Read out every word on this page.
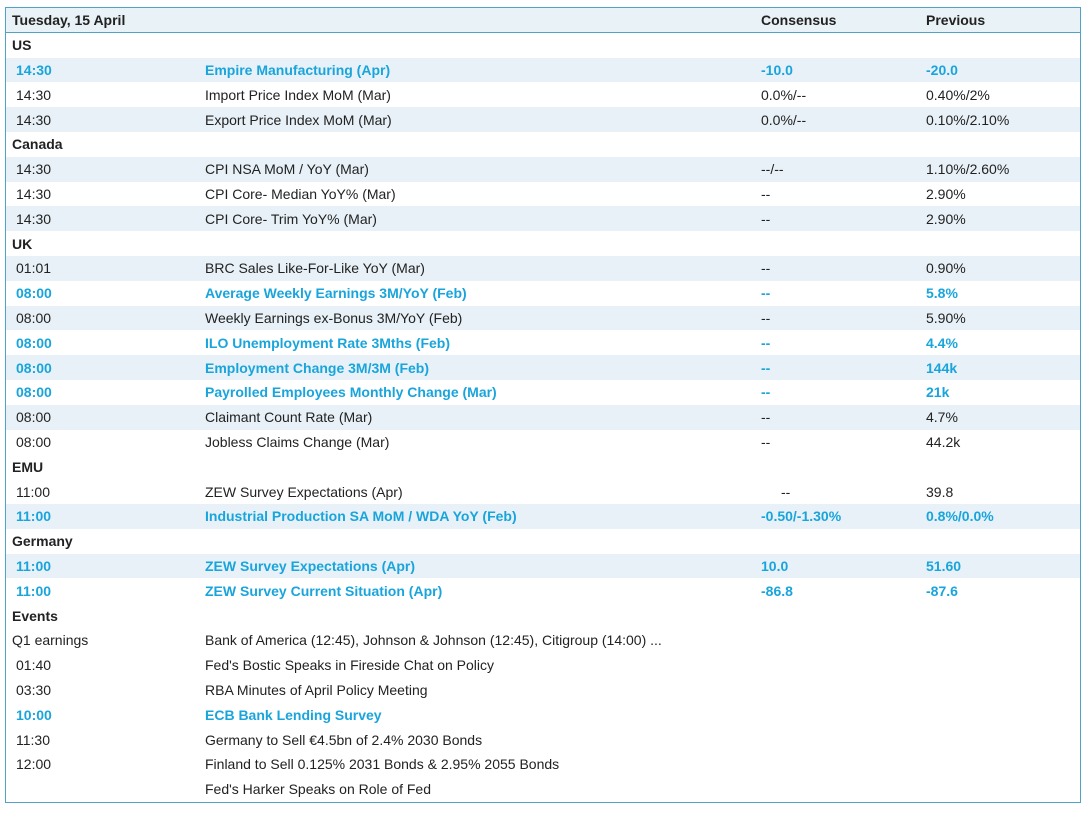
Tuesday, 15 April		Consensus	Previous
US			
14:30	Empire Manufacturing (Apr)	-10.0	-20.0
14:30	Import Price Index MoM (Mar)	0.0%/--	0.40%/2%
14:30	Export Price Index MoM (Mar)	0.0%/--	0.10%/2.10%
Canada			
14:30	CPI NSA MoM / YoY (Mar)	--/--	1.10%/2.60%
14:30	CPI Core- Median YoY% (Mar)	--	2.90%
14:30	CPI Core- Trim YoY% (Mar)	--	2.90%
UK			
01:01	BRC Sales Like-For-Like YoY (Mar)	--	0.90%
08:00	Average Weekly Earnings 3M/YoY (Feb)	--	5.8%
08:00	Weekly Earnings ex-Bonus 3M/YoY (Feb)	--	5.90%
08:00	ILO Unemployment Rate 3Mths (Feb)	--	4.4%
08:00	Employment Change 3M/3M (Feb)	--	144k
08:00	Payrolled Employees Monthly Change (Mar)	--	21k
08:00	Claimant Count Rate (Mar)	--	4.7%
08:00	Jobless Claims Change (Mar)	--	44.2k
EMU			
11:00	ZEW Survey Expectations (Apr)	--	39.8
11:00	Industrial Production SA MoM / WDA YoY (Feb)	-0.50/-1.30%	0.8%/0.0%
Germany			
11:00	ZEW Survey Expectations (Apr)	10.0	51.60
11:00	ZEW Survey Current Situation (Apr)	-86.8	-87.6
Events			
Q1 earnings	Bank of America (12:45), Johnson & Johnson (12:45), Citigroup (14:00) ...		
01:40	Fed's Bostic Speaks in Fireside Chat on Policy		
03:30	RBA Minutes of April Policy Meeting		
10:00	ECB Bank Lending Survey		
11:30	Germany to Sell €4.5bn of 2.4% 2030 Bonds		
12:00	Finland to Sell 0.125% 2031 Bonds & 2.95% 2055 Bonds		
	Fed's Harker Speaks on Role of Fed		
